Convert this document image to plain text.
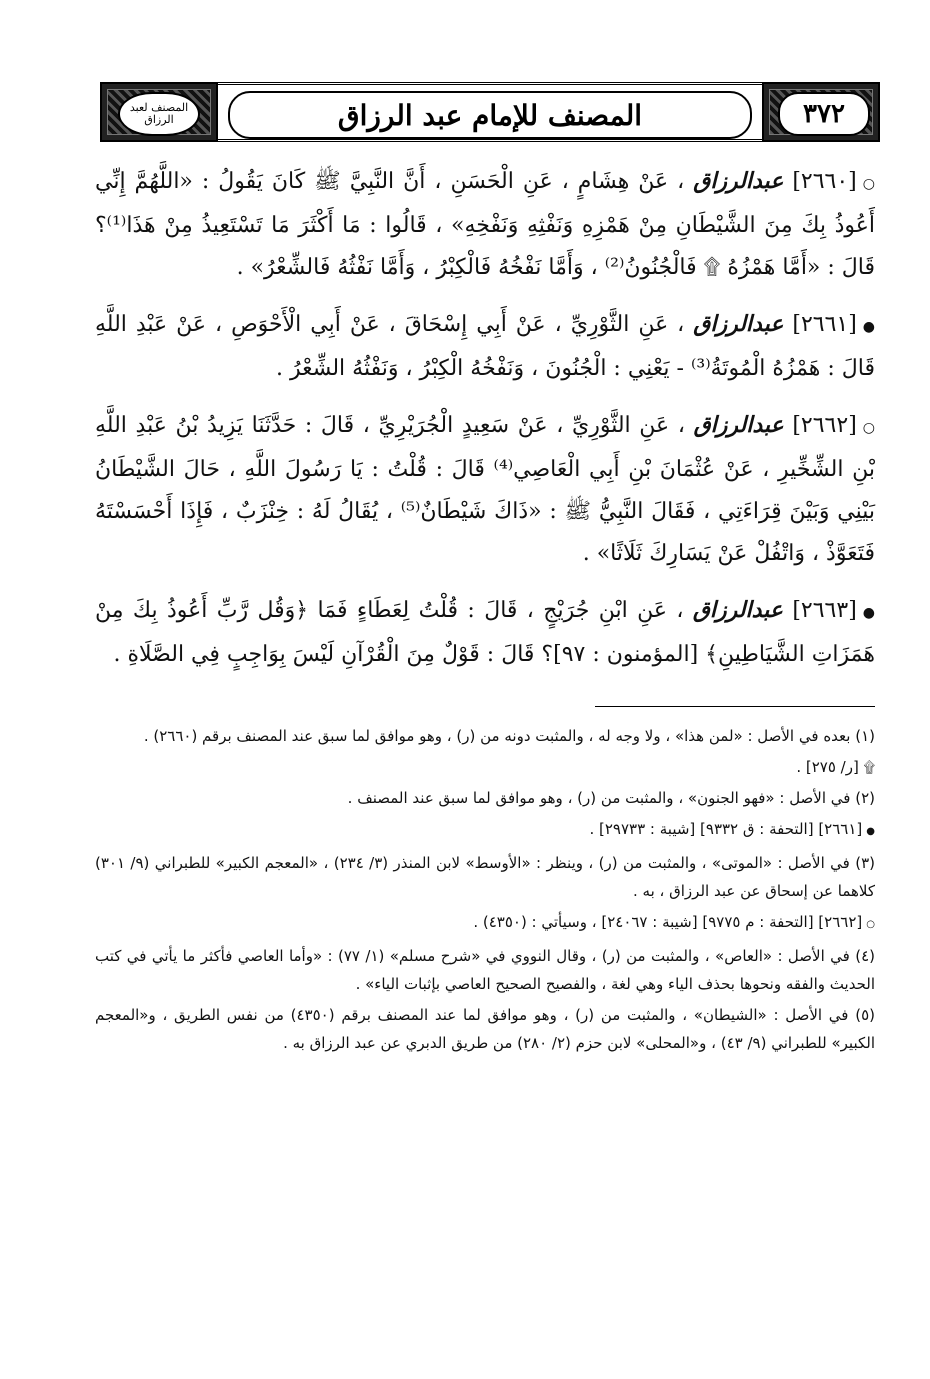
المصنف لعبد الرزاق	المصنف للإمام عبد الرزاق	٣٧٢

○[٢٦٦٠] عبدالرزاق ، عَنْ هِشَامٍ ، عَنِ الْحَسَنِ ، أَنَّ النَّبِيَّ ﷺ كَانَ يَقُولُ : «اللَّهُمَّ إِنِّي أَعُوذُ بِكَ مِنَ الشَّيْطَانِ مِنْ هَمْزِهِ وَنَفْثِهِ وَنَفْخِهِ» ، قَالُوا : مَا أَكْثَرَ مَا تَسْتَعِيذُ مِنْ هَذَا⁽¹⁾؟ قَالَ : «أَمَّا هَمْزُهُ ۩ فَالْجُنُونُ⁽²⁾ ، وَأَمَّا نَفْخُهُ فَالْكِبْرُ ، وَأَمَّا نَفْثُهُ فَالشِّعْرُ» .

●[٢٦٦١] عبدالرزاق ، عَنِ الثَّوْرِيِّ ، عَنْ أَبِي إِسْحَاقَ ، عَنْ أَبِي الْأَحْوَصِ ، عَنْ عَبْدِ اللَّهِ قَالَ : هَمْزُهُ الْمُوتَةُ⁽³⁾ - يَعْنِي : الْجُنُونَ ، وَنَفْخُهُ الْكِبْرُ ، وَنَفْثُهُ الشِّعْرُ .

○[٢٦٦٢] عبدالرزاق ، عَنِ الثَّوْرِيِّ ، عَنْ سَعِيدٍ الْجُرَيْرِيِّ ، قَالَ : حَدَّثَنَا يَزِيدُ بْنُ عَبْدِ اللَّهِ بْنِ الشِّخِّيرِ ، عَنْ عُثْمَانَ بْنِ أَبِي الْعَاصِي⁽⁴⁾ قَالَ : قُلْتُ : يَا رَسُولَ اللَّهِ ، حَالَ الشَّيْطَانُ بَيْنِي وَبَيْنَ قِرَاءَتِي ، فَقَالَ النَّبِيُّ ﷺ : «ذَاكَ شَيْطَانٌ⁽⁵⁾ ، يُقَالُ لَهُ : خِنْزَبٌ ، فَإِذَا أَحْسَسْتَهُ فَتَعَوَّذْ ، وَاتْفُلْ عَنْ يَسَارِكَ ثَلَاثًا» .

●[٢٦٦٣] عبدالرزاق ، عَنِ ابْنِ جُرَيْجٍ ، قَالَ : قُلْتُ لِعَطَاءٍ فَمَا ﴿وَقُل رَّبِّ أَعُوذُ بِكَ مِنْ هَمَزَاتِ الشَّيَاطِينِ﴾ [المؤمنون : ٩٧]؟ قَالَ : قَوْلٌ مِنَ الْقُرْآنِ لَيْسَ بِوَاجِبٍ فِي الصَّلَاةِ .

(١) بعده في الأصل : «لمن هذا» ، ولا وجه له ، والمثبت دونه من (ر) ، وهو موافق لما سبق عند المصنف برقم (٢٦٦٠) .

۩ [ر/ ٢٧٥] .

(٢) في الأصل : «فهو الجنون» ، والمثبت من (ر) ، وهو موافق لما سبق عند المصنف .

●[٢٦٦١] [التحفة : ق ٩٣٣٢] [شيبة : ٢٩٧٣٣] .

(٣) في الأصل : «الموتى» ، والمثبت من (ر) ، وينظر : «الأوسط» لابن المنذر (٣/ ٢٣٤) ، «المعجم الكبير» للطبراني (٩/ ٣٠١) كلاهما عن إسحاق عن عبد الرزاق ، به .

○[٢٦٦٢] [التحفة : م ٩٧٧٥] [شيبة : ٢٤٠٦٧] ، وسيأتي : (٤٣٥٠) .

(٤) في الأصل : «العاص» ، والمثبت من (ر) ، وقال النووي في «شرح مسلم» (١/ ٧٧) : «وأما العاصي فأكثر ما يأتي في كتب الحديث والفقه ونحوها بحذف الياء وهي لغة ، والفصيح الصحيح العاصي بإثبات الياء» .

(٥) في الأصل : «الشيطان» ، والمثبت من (ر) ، وهو موافق لما عند المصنف برقم (٤٣٥٠) من نفس الطريق ، و«المعجم الكبير» للطبراني (٩/ ٤٣) ، و«المحلى» لابن حزم (٢/ ٢٨٠) من طريق الدبري عن عبد الرزاق به .
